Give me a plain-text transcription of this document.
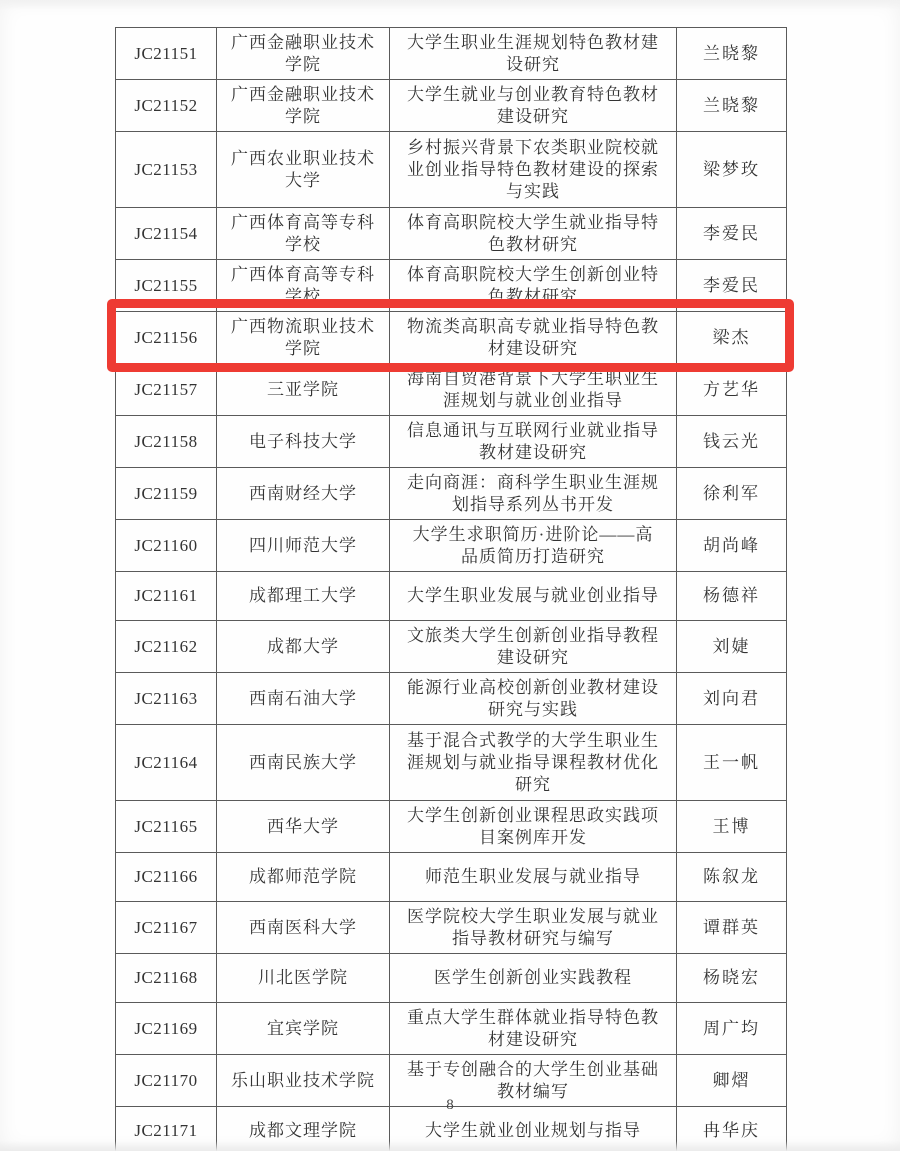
JC21151	广西金融职业技术学院	大学生职业生涯规划特色教材建设研究	兰晓黎
JC21152	广西金融职业技术学院	大学生就业与创业教育特色教材建设研究	兰晓黎
JC21153	广西农业职业技术大学	乡村振兴背景下农类职业院校就业创业指导特色教材建设的探索与实践	梁梦玫
JC21154	广西体育高等专科学校	体育高职院校大学生就业指导特色教材研究	李爱民
JC21155	广西体育高等专科学校	体育高职院校大学生创新创业特色教材研究	李爱民
JC21156	广西物流职业技术学院	物流类高职高专就业指导特色教材建设研究	梁杰
JC21157	三亚学院	海南自贸港背景下大学生职业生涯规划与就业创业指导	方艺华
JC21158	电子科技大学	信息通讯与互联网行业就业指导教材建设研究	钱云光
JC21159	西南财经大学	走向商涯：商科学生职业生涯规划指导系列丛书开发	徐利军
JC21160	四川师范大学	大学生求职简历·进阶论——高品质简历打造研究	胡尚峰
JC21161	成都理工大学	大学生职业发展与就业创业指导	杨德祥
JC21162	成都大学	文旅类大学生创新创业指导教程建设研究	刘婕
JC21163	西南石油大学	能源行业高校创新创业教材建设研究与实践	刘向君
JC21164	西南民族大学	基于混合式教学的大学生职业生涯规划与就业指导课程教材优化研究	王一帆
JC21165	西华大学	大学生创新创业课程思政实践项目案例库开发	王博
JC21166	成都师范学院	师范生职业发展与就业指导	陈叙龙
JC21167	西南医科大学	医学院校大学生职业发展与就业指导教材研究与编写	谭群英
JC21168	川北医学院	医学生创新创业实践教程	杨晓宏
JC21169	宜宾学院	重点大学生群体就业指导特色教材建设研究	周广均
JC21170	乐山职业技术学院	基于专创融合的大学生创业基础教材编写	卿熠
JC21171	成都文理学院	大学生就业创业规划与指导	冉华庆
8
